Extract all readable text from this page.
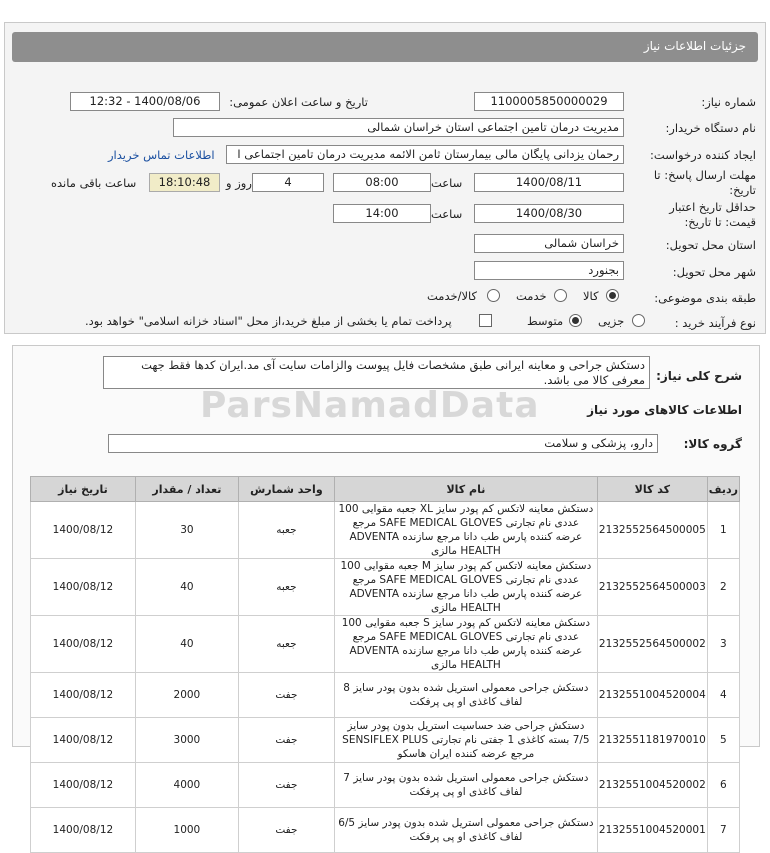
جزئیات اطلاعات نیاز
شماره نیاز:
1100005850000029
تاریخ و ساعت اعلان عمومی:
1400/08/06 - 12:32
نام دستگاه خریدار:
مدیریت درمان تامین اجتماعی استان خراسان شمالی
ایجاد کننده درخواست:
رحمان یزدانی پایگان مالی بیمارستان ثامن الائمه مدیریت درمان تامین اجتماعی ا
اطلاعات تماس خریدار
مهلت ارسال پاسخ: تا
تاریخ:
1400/08/11
ساعت
08:00
4
روز و
18:10:48
ساعت باقی مانده
حداقل تاریخ اعتبار
قیمت: تا تاریخ:
1400/08/30
ساعت
14:00
استان محل تحویل:
خراسان شمالی
شهر محل تحویل:
بجنورد
طبقه بندی موضوعی:
کالا
خدمت
کالا/خدمت
نوع فرآیند خرید :
جزیی
متوسط
پرداخت تمام یا بخشی از مبلغ خرید،از محل "اسناد خزانه اسلامی" خواهد بود.
شرح کلی نیاز:
دستکش جراحی و معاینه ایرانی طبق مشخصات فایل پیوست والزامات سایت آی مد.ایران کدها فقط جهت معرفی کالا می باشد.
ParsNamadData	اطلاعات کالاهای مورد نیاز
گروه کالا:
دارو، پزشکی و سلامت
ردیف	کد کالا	نام کالا	واحد شمارش	تعداد / مقدار	تاریخ نیاز
1	2132552564500005	دستکش معاینه لاتکس کم پودر سایز XL جعبه مقوایی 100 عددی نام تجارتی SAFE MEDICAL GLOVES مرجع عرضه کننده پارس طب دانا مرجع سازنده ADVENTA HEALTH مالزی	جعبه	30	1400/08/12
2	2132552564500003	دستکش معاینه لاتکس کم پودر سایز M جعبه مقوایی 100 عددی نام تجارتی SAFE MEDICAL GLOVES مرجع عرضه کننده پارس طب دانا مرجع سازنده ADVENTA HEALTH مالزی	جعبه	40	1400/08/12
3	2132552564500002	دستکش معاینه لاتکس کم پودر سایز S جعبه مقوایی 100 عددی نام تجارتی SAFE MEDICAL GLOVES مرجع عرضه کننده پارس طب دانا مرجع سازنده ADVENTA HEALTH مالزی	جعبه	40	1400/08/12
4	2132551004520004	دستکش جراحی معمولی استریل شده بدون پودر سایز 8 لفاف کاغذی او پی پرفکت	جفت	2000	1400/08/12
5	2132551181970010	دستکش جراحی ضد حساسیت استریل بدون پودر سایز 7/5 بسته کاغذی 1 جفتی نام تجارتی SENSIFLEX PLUS مرجع عرضه کننده ایران هاسکو	جفت	3000	1400/08/12
6	2132551004520002	دستکش جراحی معمولی استریل شده بدون پودر سایز 7 لفاف کاغذی او پی پرفکت	جفت	4000	1400/08/12
7	2132551004520001	دستکش جراحی معمولی استریل شده بدون پودر سایز 6/5 لفاف کاغذی او پی پرفکت	جفت	1000	1400/08/12
